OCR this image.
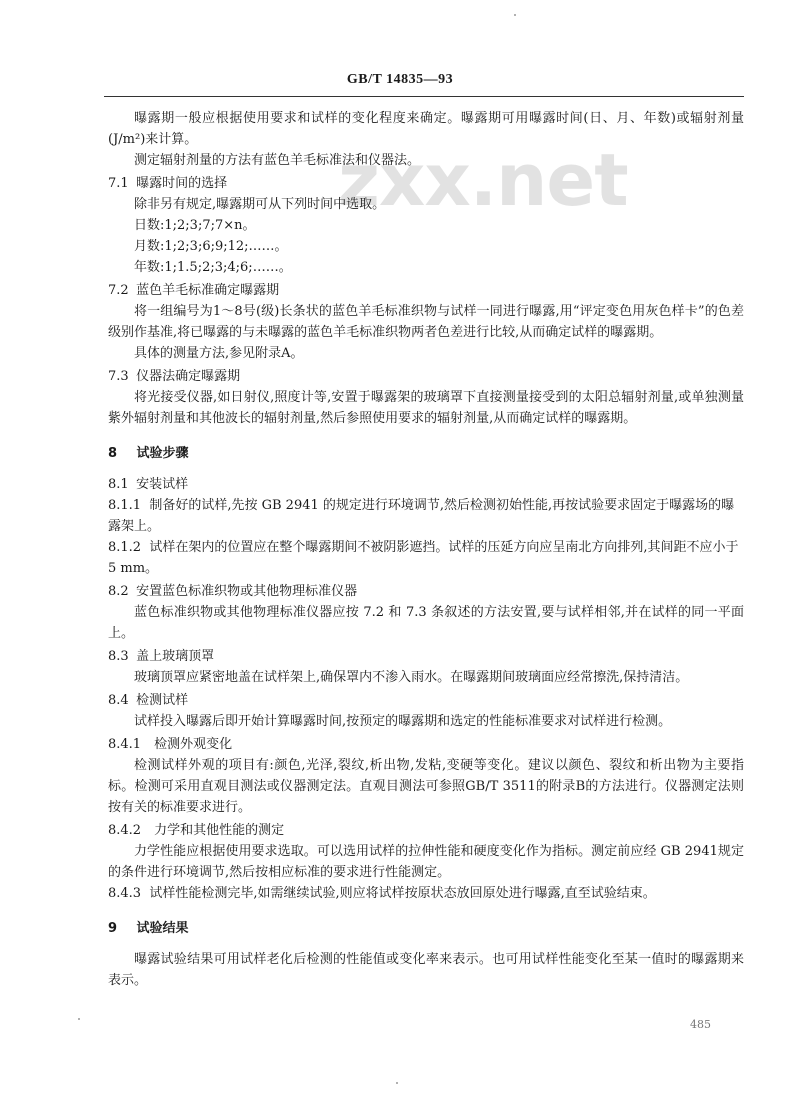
GB/T 14835—93
zxx.net

曝露期一般应根据使用要求和试样的变化程度来确定。曝露期可用曝露时间(日、月、年数)或辐射剂量(J/m²)来计算。

测定辐射剂量的方法有蓝色羊毛标准法和仪器法。

7.1 曝露时间的选择

除非另有规定,曝露期可从下列时间中选取。

日数:1;2;3;7;7×n。

月数:1;2;3;6;9;12;……。

年数:1;1.5;2;3;4;6;……。

7.2 蓝色羊毛标准确定曝露期

将一组编号为1～8号(级)长条状的蓝色羊毛标准织物与试样一同进行曝露,用“评定变色用灰色样卡”的色差级别作基准,将已曝露的与未曝露的蓝色羊毛标准织物两者色差进行比较,从而确定试样的曝露期。

具体的测量方法,参见附录A。

7.3 仪器法确定曝露期

将光接受仪器,如日射仪,照度计等,安置于曝露架的玻璃罩下直接测量接受到的太阳总辐射剂量,或单独测量紫外辐射剂量和其他波长的辐射剂量,然后参照使用要求的辐射剂量,从而确定试样的曝露期。

8 试验步骤

8.1 安装试样

8.1.1 制备好的试样,先按 GB 2941 的规定进行环境调节,然后检测初始性能,再按试验要求固定于曝露场的曝露架上。

8.1.2 试样在架内的位置应在整个曝露期间不被阴影遮挡。试样的压延方向应呈南北方向排列,其间距不应小于 5 mm。

8.2 安置蓝色标准织物或其他物理标准仪器

蓝色标准织物或其他物理标准仪器应按 7.2 和 7.3 条叙述的方法安置,要与试样相邻,并在试样的同一平面上。

8.3 盖上玻璃顶罩

玻璃顶罩应紧密地盖在试样架上,确保罩内不渗入雨水。在曝露期间玻璃面应经常擦洗,保持清洁。

8.4 检测试样

试样投入曝露后即开始计算曝露时间,按预定的曝露期和选定的性能标准要求对试样进行检测。

8.4.1 检测外观变化

检测试样外观的项目有:颜色,光泽,裂纹,析出物,发粘,变硬等变化。建议以颜色、裂纹和析出物为主要指标。检测可采用直观目测法或仪器测定法。直观目测法可参照GB/T 3511的附录B的方法进行。仪器测定法则按有关的标准要求进行。

8.4.2 力学和其他性能的测定

力学性能应根据使用要求选取。可以选用试样的拉伸性能和硬度变化作为指标。测定前应经 GB 2941规定的条件进行环境调节,然后按相应标准的要求进行性能测定。

8.4.3 试样性能检测完毕,如需继续试验,则应将试样按原状态放回原处进行曝露,直至试验结束。

9 试验结果

曝露试验结果可用试样老化后检测的性能值或变化率来表示。也可用试样性能变化至某一值时的曝露期来表示。

485
